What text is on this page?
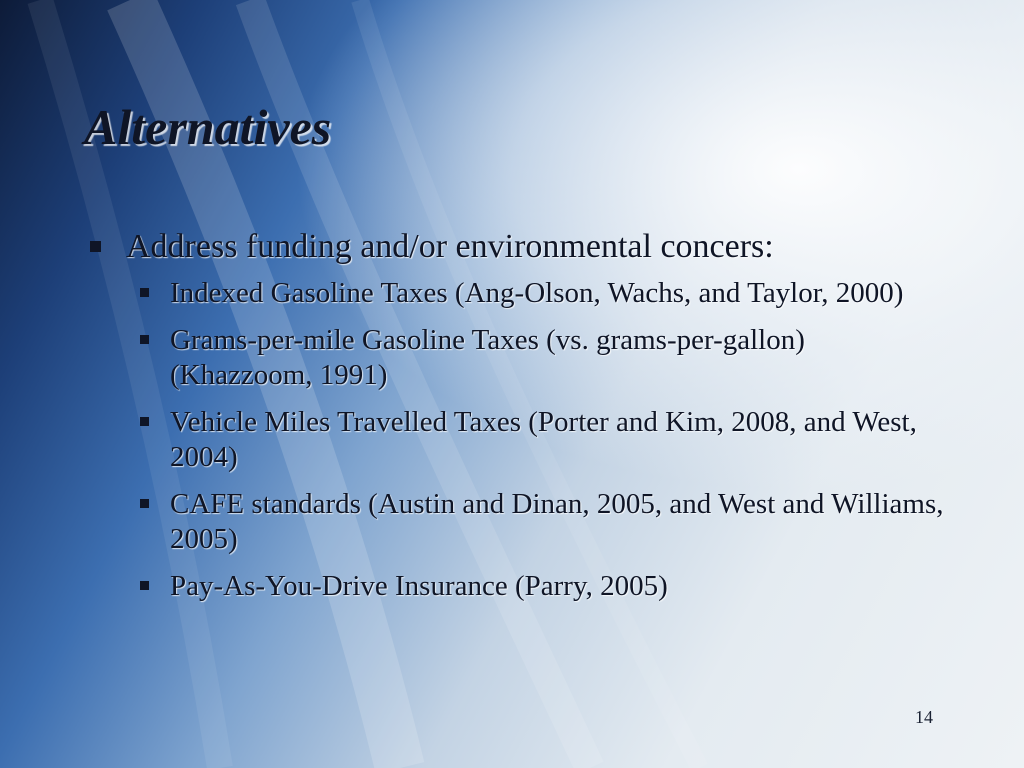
Alternatives
Address funding and/or environmental concers:
Indexed Gasoline Taxes (Ang-Olson, Wachs, and Taylor, 2000)
Grams-per-mile Gasoline Taxes (vs. grams-per-gallon) (Khazzoom, 1991)
Vehicle Miles Travelled Taxes (Porter and Kim, 2008, and West, 2004)
CAFE standards (Austin and Dinan, 2005, and West and Williams, 2005)
Pay-As-You-Drive Insurance (Parry, 2005)
14
